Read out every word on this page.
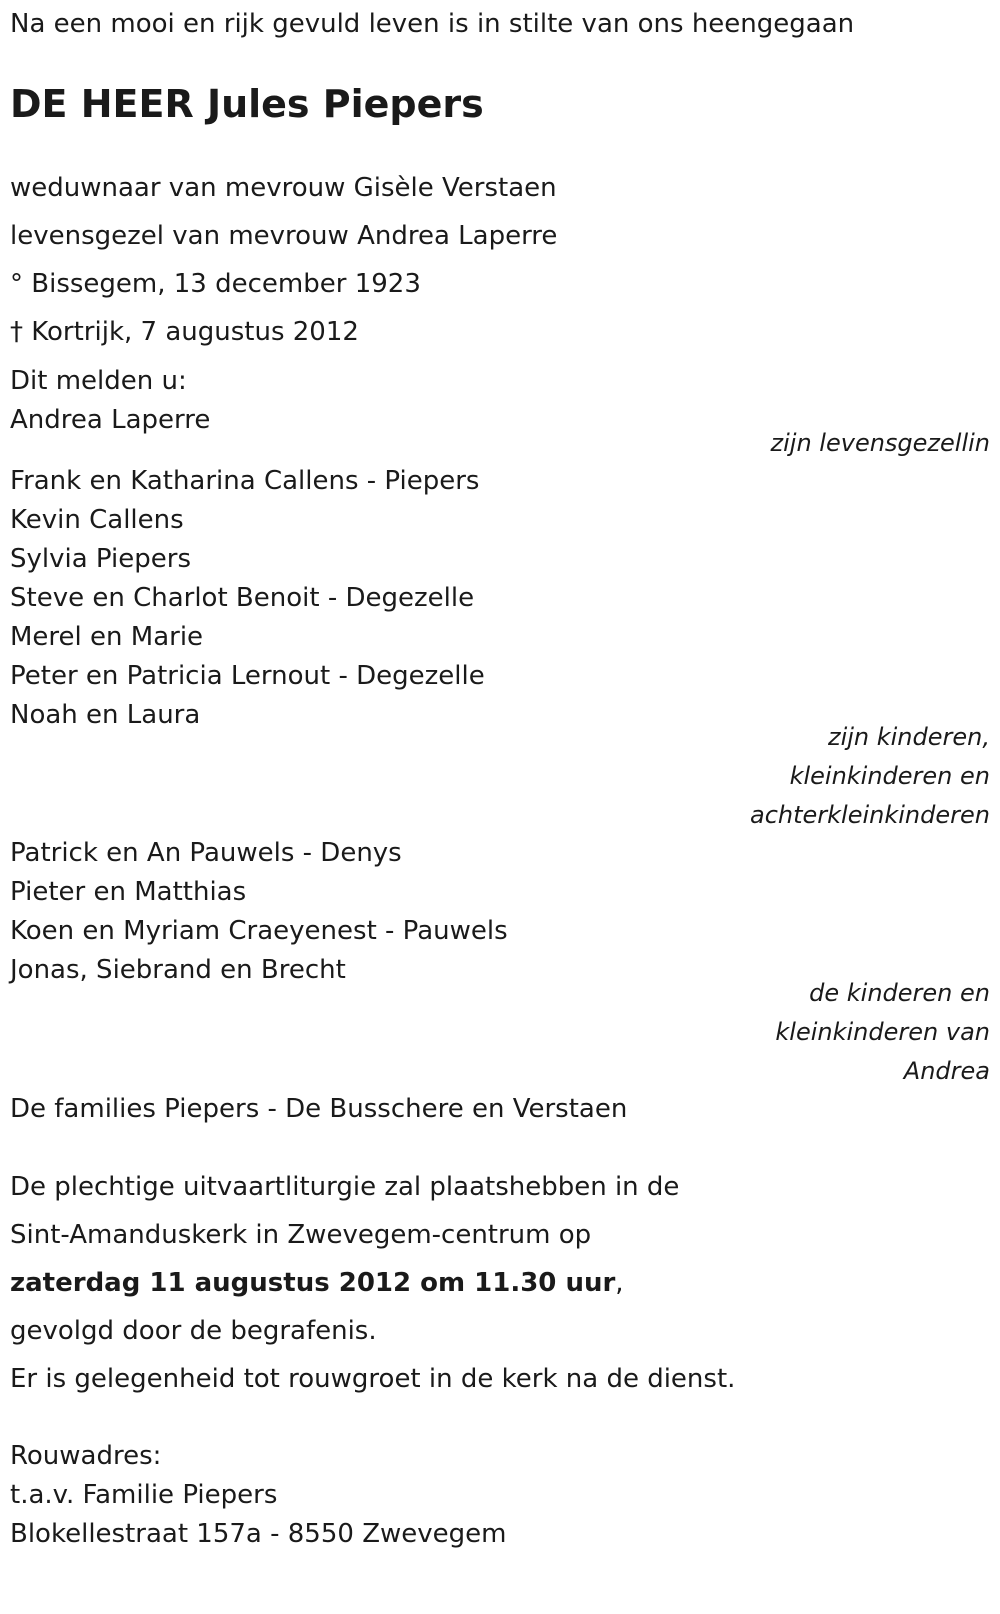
Na een mooi en rijk gevuld leven is in stilte van ons heengegaan
DE HEER Jules Piepers
weduwnaar van mevrouw Gisèle Verstaen
levensgezel van mevrouw Andrea Laperre
° Bissegem, 13 december 1923
† Kortrijk, 7 augustus 2012
Dit melden u:
Andrea Laperre
zijn levensgezellin
Frank en Katharina Callens - Piepers
Kevin Callens
Sylvia Piepers
Steve en Charlot Benoit - Degezelle
Merel en Marie
Peter en Patricia Lernout - Degezelle
Noah en Laura
zijn kinderen,
kleinkinderen en
achterkleinkinderen
Patrick en An Pauwels - Denys
Pieter en Matthias
Koen en Myriam Craeyenest - Pauwels
Jonas, Siebrand en Brecht
de kinderen en
kleinkinderen van
Andrea
De families Piepers - De Busschere en Verstaen
De plechtige uitvaartliturgie zal plaatshebben in de
Sint-Amanduskerk in Zwevegem-centrum op
zaterdag 11 augustus 2012 om 11.30 uur,
gevolgd door de begrafenis.
Er is gelegenheid tot rouwgroet in de kerk na de dienst.
Rouwadres:
t.a.v. Familie Piepers
Blokellestraat 157a - 8550 Zwevegem
